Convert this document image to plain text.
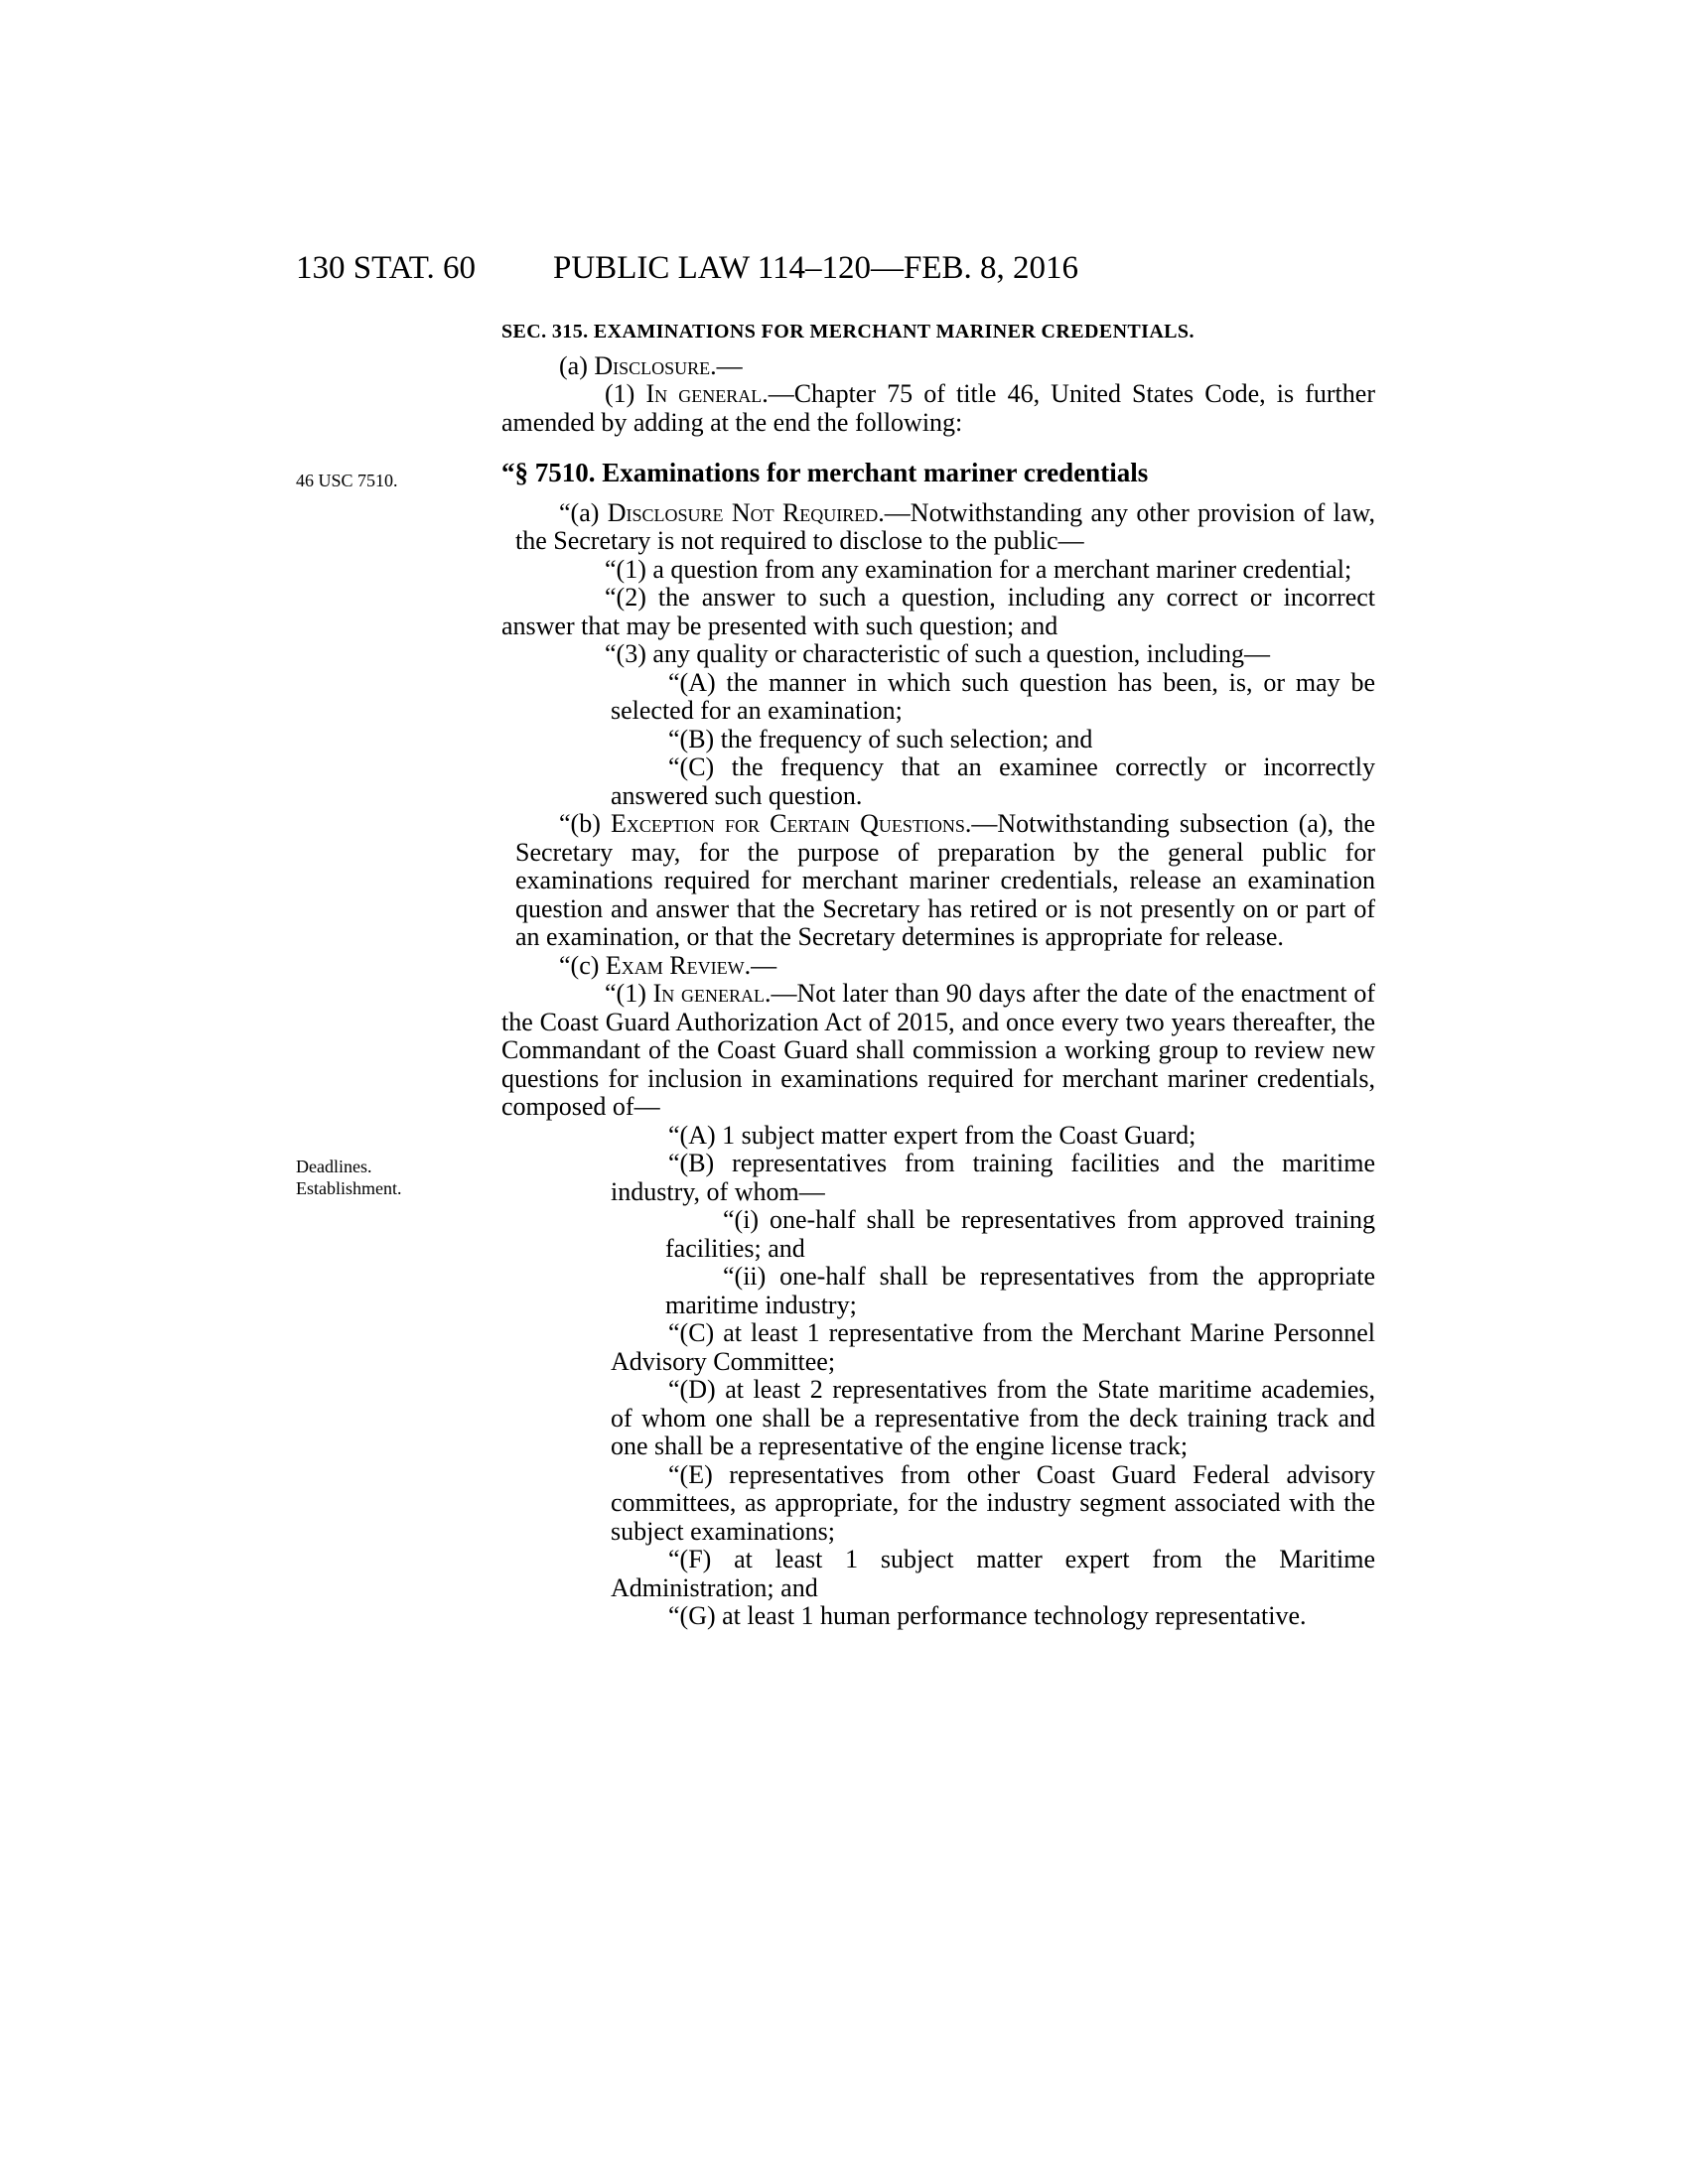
130 STAT. 60 PUBLIC LAW 114–120—FEB. 8, 2016
46 USC 7510.
Deadlines.
Establishment.
SEC. 315. EXAMINATIONS FOR MERCHANT MARINER CREDENTIALS.

(a) Disclosure.—

(1) In general.—Chapter 75 of title 46, United States Code, is further amended by adding at the end the following:

“§ 7510. Examinations for merchant mariner credentials

“(a) Disclosure Not Required.—Notwithstanding any other provision of law, the Secretary is not required to disclose to the public—

“(1) a question from any examination for a merchant mariner credential;

“(2) the answer to such a question, including any correct or incorrect answer that may be presented with such question; and

“(3) any quality or characteristic of such a question, including—

“(A) the manner in which such question has been, is, or may be selected for an examination;

“(B) the frequency of such selection; and

“(C) the frequency that an examinee correctly or incorrectly answered such question.

“(b) Exception for Certain Questions.—Notwithstanding subsection (a), the Secretary may, for the purpose of preparation by the general public for examinations required for merchant mariner credentials, release an examination question and answer that the Secretary has retired or is not presently on or part of an examination, or that the Secretary determines is appropriate for release.

“(c) Exam Review.—

“(1) In general.—Not later than 90 days after the date of the enactment of the Coast Guard Authorization Act of 2015, and once every two years thereafter, the Commandant of the Coast Guard shall commission a working group to review new questions for inclusion in examinations required for merchant mariner credentials, composed of—

“(A) 1 subject matter expert from the Coast Guard;

“(B) representatives from training facilities and the maritime industry, of whom—

“(i) one-half shall be representatives from approved training facilities; and

“(ii) one-half shall be representatives from the appropriate maritime industry;

“(C) at least 1 representative from the Merchant Marine Personnel Advisory Committee;

“(D) at least 2 representatives from the State maritime academies, of whom one shall be a representative from the deck training track and one shall be a representative of the engine license track;

“(E) representatives from other Coast Guard Federal advisory committees, as appropriate, for the industry segment associated with the subject examinations;

“(F) at least 1 subject matter expert from the Maritime Administration; and

“(G) at least 1 human performance technology representative.
